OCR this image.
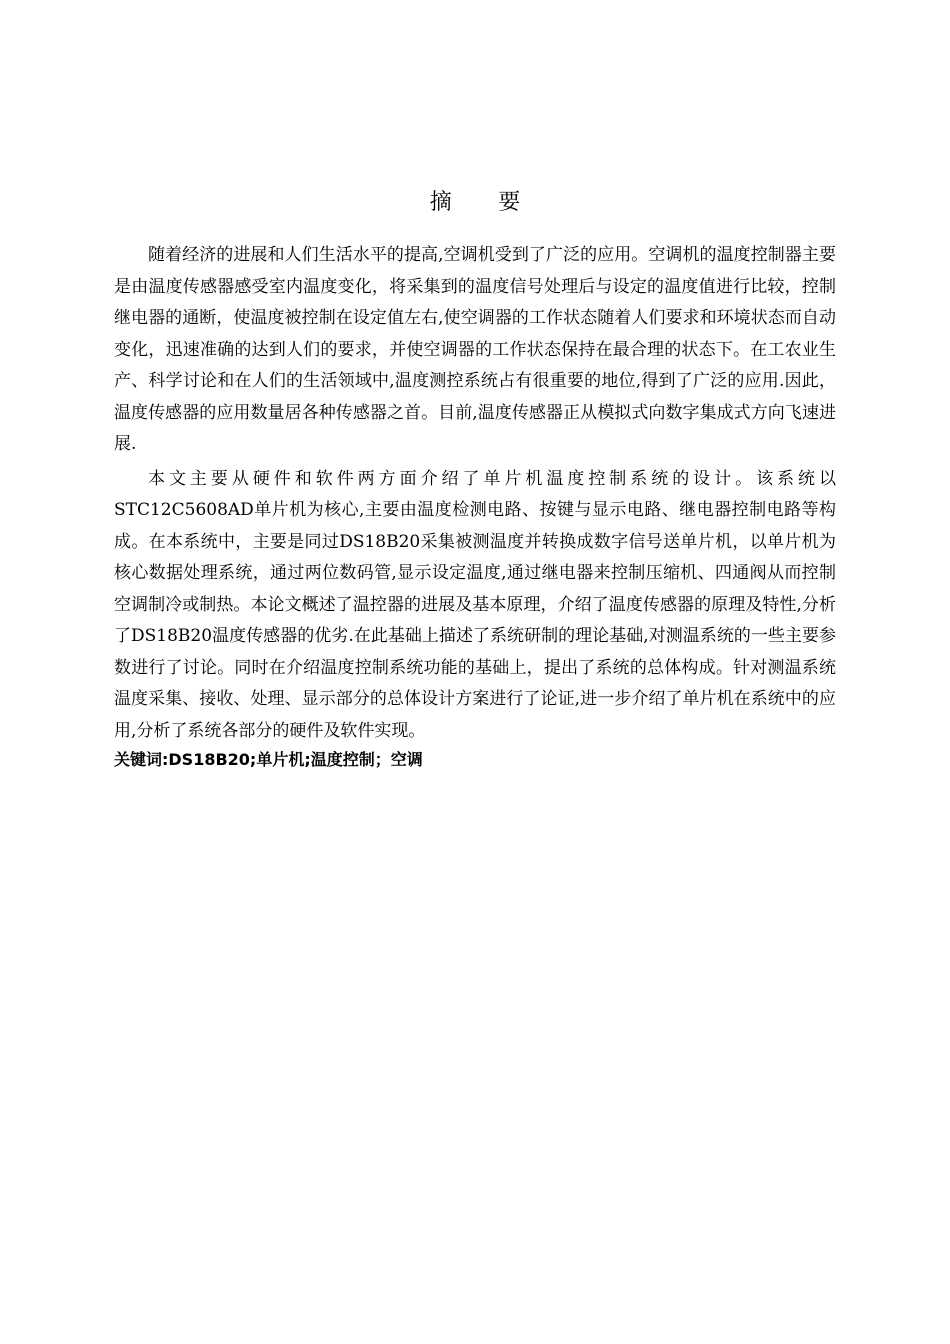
摘 要

随着经济的进展和人们生活水平的提高,空调机受到了广泛的应用。空调机的温度控制器主要是由温度传感器感受室内温度变化，将采集到的温度信号处理后与设定的温度值进行比较，控制继电器的通断，使温度被控制在设定值左右,使空调器的工作状态随着人们要求和环境状态而自动变化，迅速准确的达到人们的要求，并使空调器的工作状态保持在最合理的状态下。在工农业生产、科学讨论和在人们的生活领域中,温度测控系统占有很重要的地位,得到了广泛的应用.因此，温度传感器的应用数量居各种传感器之首。目前,温度传感器正从模拟式向数字集成式方向飞速进展.

本文主要从硬件和软件两方面介绍了单片机温度控制系统的设计。该系统以STC12C5608AD单片机为核心,主要由温度检测电路、按键与显示电路、继电器控制电路等构成。在本系统中，主要是同过DS18B20采集被测温度并转换成数字信号送单片机，以单片机为核心数据处理系统，通过两位数码管,显示设定温度,通过继电器来控制压缩机、四通阀从而控制空调制冷或制热。本论文概述了温控器的进展及基本原理，介绍了温度传感器的原理及特性,分析了DS18B20温度传感器的优劣.在此基础上描述了系统研制的理论基础,对测温系统的一些主要参数进行了讨论。同时在介绍温度控制系统功能的基础上，提出了系统的总体构成。针对测温系统温度采集、接收、处理、显示部分的总体设计方案进行了论证,进一步介绍了单片机在系统中的应用,分析了系统各部分的硬件及软件实现。

关键词:DS18B20;单片机;温度控制；空调
